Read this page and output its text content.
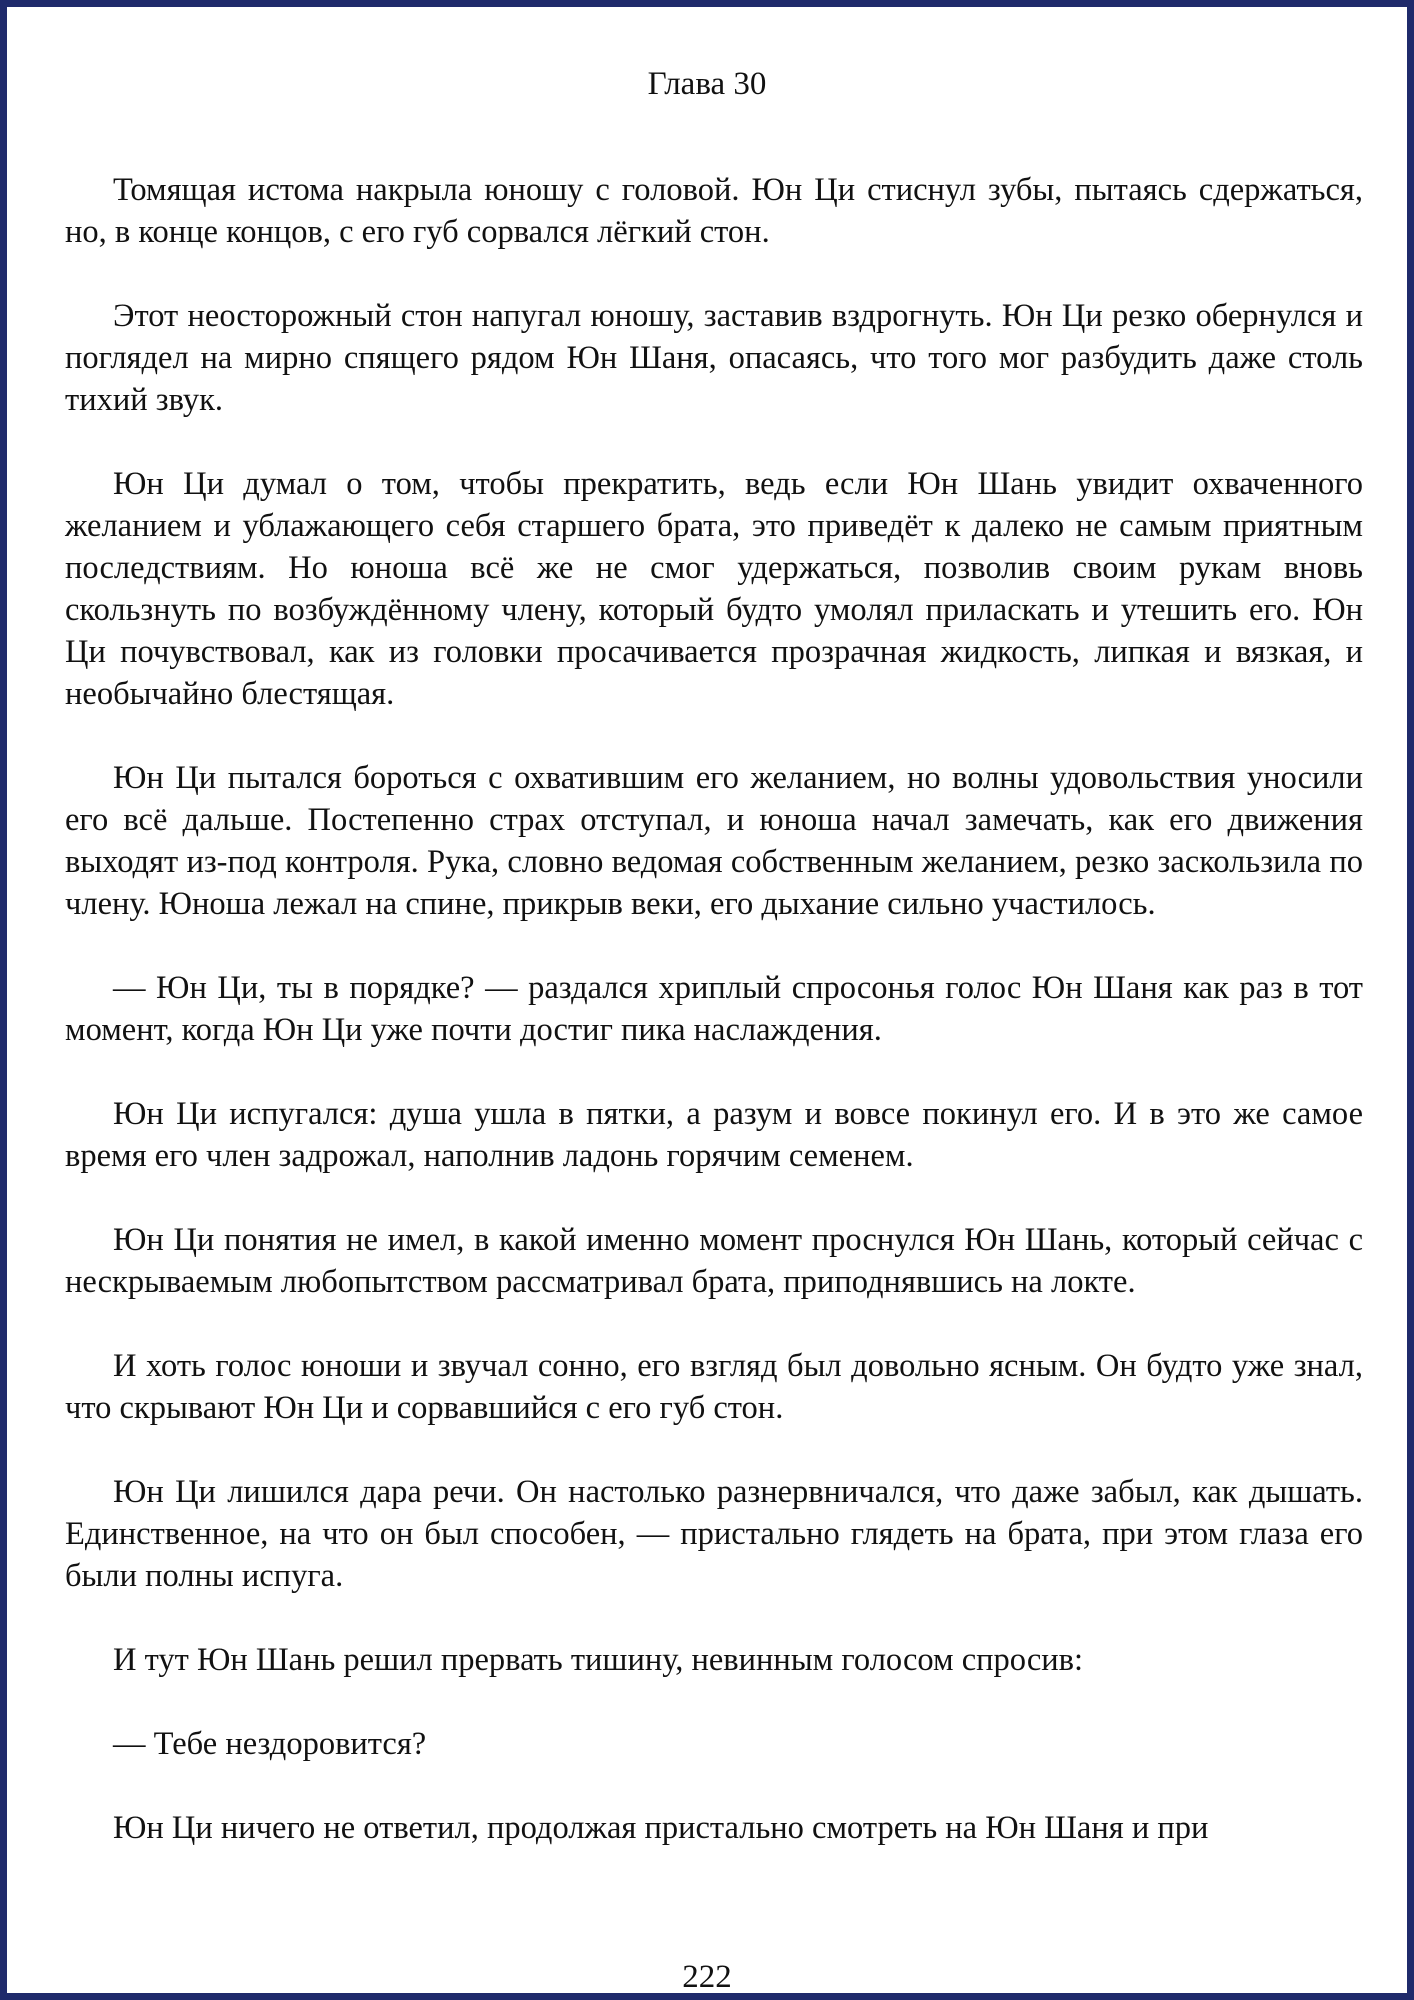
Глава 30

Томящая истома накрыла юношу с головой. Юн Ци стиснул зубы, пытаясь сдержаться, но, в конце концов, с его губ сорвался лёгкий стон.

Этот неосторожный стон напугал юношу, заставив вздрогнуть. Юн Ци резко обернулся и поглядел на мирно спящего рядом Юн Шаня, опасаясь, что того мог разбудить даже столь тихий звук.

Юн Ци думал о том, чтобы прекратить, ведь если Юн Шань увидит охваченного желанием и ублажающего себя старшего брата, это приведёт к далеко не самым приятным последствиям. Но юноша всё же не смог удержаться, позволив своим рукам вновь скользнуть по возбуждённому члену, который будто умолял приласкать и утешить его. Юн Ци почувствовал, как из головки просачивается прозрачная жидкость, липкая и вязкая, и необычайно блестящая.

Юн Ци пытался бороться с охватившим его желанием, но волны удовольствия уносили его всё дальше. Постепенно страх отступал, и юноша начал замечать, как его движения выходят из-под контроля. Рука, словно ведомая собственным желанием, резко заскользила по члену. Юноша лежал на спине, прикрыв веки, его дыхание сильно участилось.

— Юн Ци, ты в порядке? — раздался хриплый спросонья голос Юн Шаня как раз в тот момент, когда Юн Ци уже почти достиг пика наслаждения.

Юн Ци испугался: душа ушла в пятки, а разум и вовсе покинул его. И в это же самое время его член задрожал, наполнив ладонь горячим семенем.

Юн Ци понятия не имел, в какой именно момент проснулся Юн Шань, который сейчас с нескрываемым любопытством рассматривал брата, приподнявшись на локте.

И хоть голос юноши и звучал сонно, его взгляд был довольно ясным. Он будто уже знал, что скрывают Юн Ци и сорвавшийся с его губ стон.

Юн Ци лишился дара речи. Он настолько разнервничался, что даже забыл, как дышать. Единственное, на что он был способен, — пристально глядеть на брата, при этом глаза его были полны испуга.

И тут Юн Шань решил прервать тишину, невинным голосом спросив:

— Тебе нездоровится?

Юн Ци ничего не ответил, продолжая пристально смотреть на Юн Шаня и при

222
